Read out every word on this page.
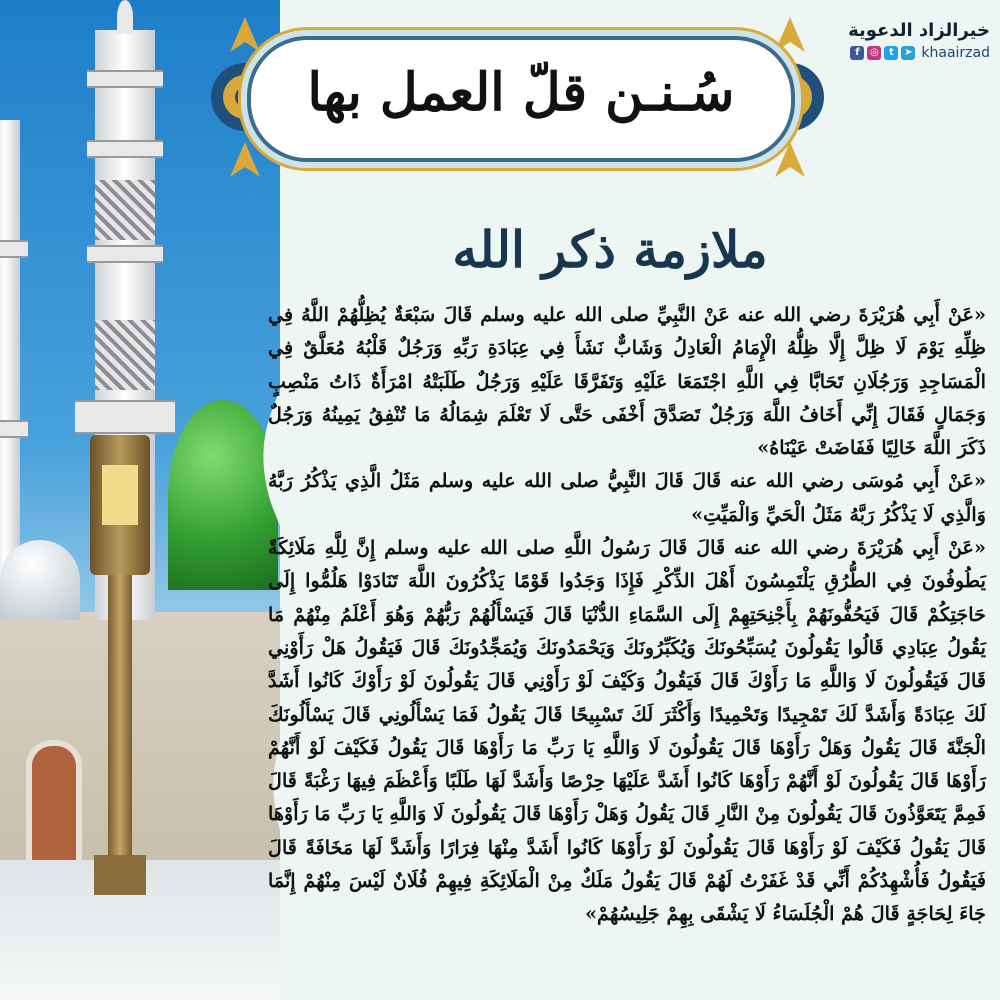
سُـنـن قلّ العمل بها
خيرالزاد الدعوية
f	◎	t	➤ khaairzad
ملازمة ذكر الله

«عَنْ أَبِي هُرَيْرَةَ رضي الله عنه عَنْ النَّبِيِّ صلى الله عليه وسلم قَالَ سَبْعَةٌ يُظِلُّهُمْ اللَّهُ فِي ظِلِّهِ يَوْمَ لَا ظِلَّ إِلَّا ظِلُّهُ الْإِمَامُ الْعَادِلُ وَشَابٌّ نَشَأَ فِي عِبَادَةِ رَبِّهِ وَرَجُلٌ قَلْبُهُ مُعَلَّقٌ فِي الْمَسَاجِدِ وَرَجُلَانِ تَحَابَّا فِي اللَّهِ اجْتَمَعَا عَلَيْهِ وَتَفَرَّقَا عَلَيْهِ وَرَجُلٌ طَلَبَتْهُ امْرَأَةٌ ذَاتُ مَنْصِبٍ وَجَمَالٍ فَقَالَ إِنِّي أَخَافُ اللَّهَ وَرَجُلٌ تَصَدَّقَ أَخْفَى حَتَّى لَا تَعْلَمَ شِمَالُهُ مَا تُنْفِقُ يَمِينُهُ وَرَجُلٌ ذَكَرَ اللَّهَ خَالِيًا فَفَاضَتْ عَيْنَاهُ»

«عَنْ أَبِي مُوسَى رضي الله عنه قَالَ قَالَ النَّبِيُّ صلى الله عليه وسلم مَثَلُ الَّذِي يَذْكُرُ رَبَّهُ وَالَّذِي لَا يَذْكُرُ رَبَّهُ مَثَلُ الْحَيِّ وَالْمَيِّتِ»

«عَنْ أَبِي هُرَيْرَةَ رضي الله عنه قَالَ قَالَ رَسُولُ اللَّهِ صلى الله عليه وسلم إِنَّ لِلَّهِ مَلَائِكَةً يَطُوفُونَ فِي الطُّرُقِ يَلْتَمِسُونَ أَهْلَ الذِّكْرِ فَإِذَا وَجَدُوا قَوْمًا يَذْكُرُونَ اللَّهَ تَنَادَوْا هَلُمُّوا إِلَى حَاجَتِكُمْ قَالَ فَيَحُفُّونَهُمْ بِأَجْنِحَتِهِمْ إِلَى السَّمَاءِ الدُّنْيَا قَالَ فَيَسْأَلُهُمْ رَبُّهُمْ وَهُوَ أَعْلَمُ مِنْهُمْ مَا يَقُولُ عِبَادِي قَالُوا يَقُولُونَ يُسَبِّحُونَكَ وَيُكَبِّرُونَكَ وَيَحْمَدُونَكَ وَيُمَجِّدُونَكَ قَالَ فَيَقُولُ هَلْ رَأَوْنِي قَالَ فَيَقُولُونَ لَا وَاللَّهِ مَا رَأَوْكَ قَالَ فَيَقُولُ وَكَيْفَ لَوْ رَأَوْنِي قَالَ يَقُولُونَ لَوْ رَأَوْكَ كَانُوا أَشَدَّ لَكَ عِبَادَةً وَأَشَدَّ لَكَ تَمْجِيدًا وَتَحْمِيدًا وَأَكْثَرَ لَكَ تَسْبِيحًا قَالَ يَقُولُ فَمَا يَسْأَلُونِي قَالَ يَسْأَلُونَكَ الْجَنَّةَ قَالَ يَقُولُ وَهَلْ رَأَوْهَا قَالَ يَقُولُونَ لَا وَاللَّهِ يَا رَبِّ مَا رَأَوْهَا قَالَ يَقُولُ فَكَيْفَ لَوْ أَنَّهُمْ رَأَوْهَا قَالَ يَقُولُونَ لَوْ أَنَّهُمْ رَأَوْهَا كَانُوا أَشَدَّ عَلَيْهَا حِرْصًا وَأَشَدَّ لَهَا طَلَبًا وَأَعْظَمَ فِيهَا رَغْبَةً قَالَ فَمِمَّ يَتَعَوَّذُونَ قَالَ يَقُولُونَ مِنْ النَّارِ قَالَ يَقُولُ وَهَلْ رَأَوْهَا قَالَ يَقُولُونَ لَا وَاللَّهِ يَا رَبِّ مَا رَأَوْهَا قَالَ يَقُولُ فَكَيْفَ لَوْ رَأَوْهَا قَالَ يَقُولُونَ لَوْ رَأَوْهَا كَانُوا أَشَدَّ مِنْهَا فِرَارًا وَأَشَدَّ لَهَا مَخَافَةً قَالَ فَيَقُولُ فَأُشْهِدُكُمْ أَنِّي قَدْ غَفَرْتُ لَهُمْ قَالَ يَقُولُ مَلَكٌ مِنْ الْمَلَائِكَةِ فِيهِمْ فُلَانٌ لَيْسَ مِنْهُمْ إِنَّمَا جَاءَ لِحَاجَةٍ قَالَ هُمْ الْجُلَسَاءُ لَا يَشْقَى بِهِمْ جَلِيسُهُمْ»
